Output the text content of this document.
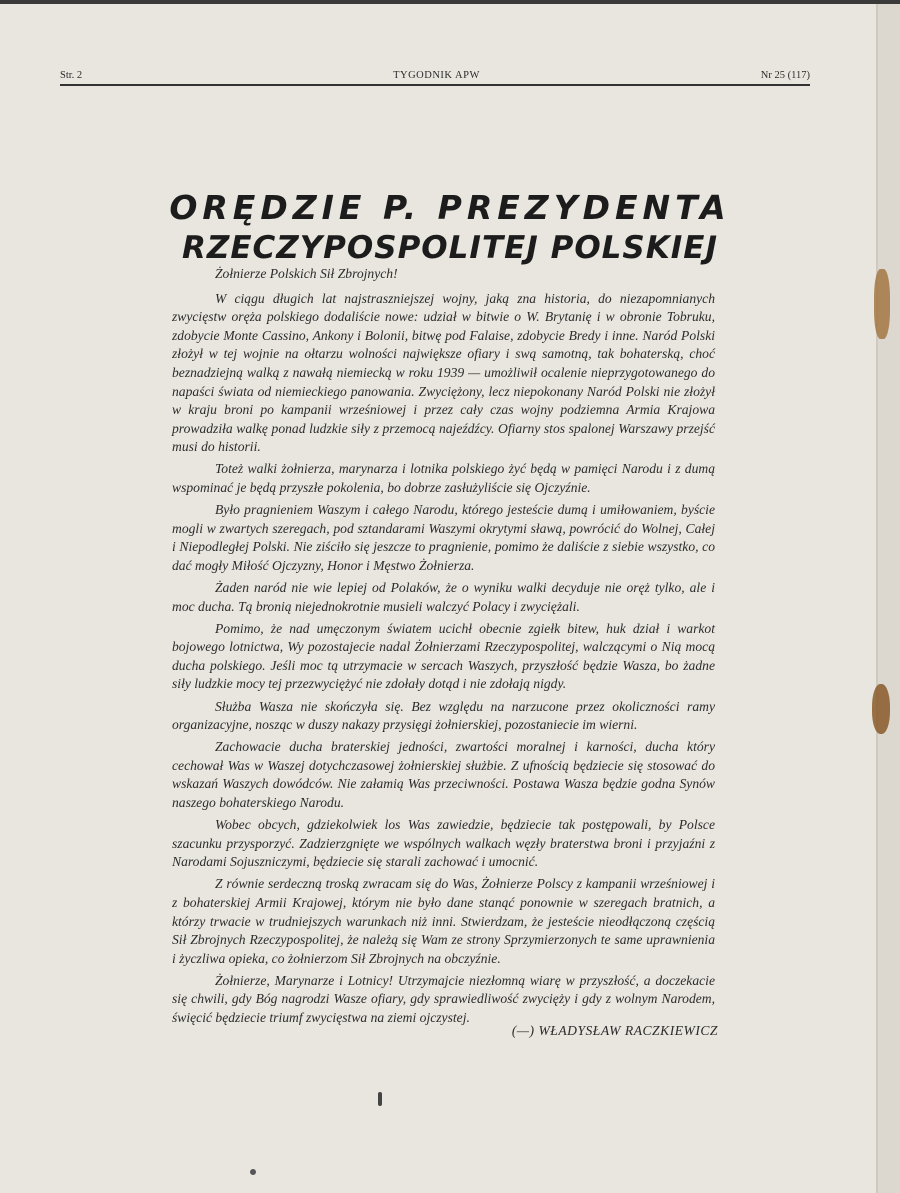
Str. 2	TYGODNIK APW	Nr 25 (117)
ORĘDZIE P. PREZYDENTA
RZECZYPOSPOLITEJ POLSKIEJ

Żołnierze Polskich Sił Zbrojnych!

W ciągu długich lat najstraszniejszej wojny, jaką zna historia, do niezapomnianych zwycięstw oręża polskiego dodaliście nowe: udział w bitwie o W. Brytanię i w obronie Tobruku, zdobycie Monte Cassino, Ankony i Bolonii, bitwę pod Falaise, zdobycie Bredy i inne. Naród Polski złożył w tej wojnie na ołtarzu wolności największe ofiary i swą samotną, tak bohaterską, choć beznadziejną walką z nawałą niemiecką w roku 1939 — umożliwił ocalenie nieprzygotowanego do napaści świata od niemieckiego panowania. Zwyciężony, lecz niepokonany Naród Polski nie złożył w kraju broni po kampanii wrześniowej i przez cały czas wojny podziemna Armia Krajowa prowadziła walkę ponad ludzkie siły z przemocą najeźdźcy. Ofiarny stos spalonej Warszawy przejść musi do historii.

Toteż walki żołnierza, marynarza i lotnika polskiego żyć będą w pamięci Narodu i z dumą wspominać je będą przyszłe pokolenia, bo dobrze zasłużyliście się Ojczyźnie.

Było pragnieniem Waszym i całego Narodu, którego jesteście dumą i umiłowaniem, byście mogli w zwartych szeregach, pod sztandarami Waszymi okrytymi sławą, powrócić do Wolnej, Całej i Niepodległej Polski. Nie ziściło się jeszcze to pragnienie, pomimo że daliście z siebie wszystko, co dać mogły Miłość Ojczyzny, Honor i Męstwo Żołnierza.

Żaden naród nie wie lepiej od Polaków, że o wyniku walki decyduje nie oręż tylko, ale i moc ducha. Tą bronią niejednokrotnie musieli walczyć Polacy i zwyciężali.

Pomimo, że nad umęczonym światem ucichł obecnie zgiełk bitew, huk dział i warkot bojowego lotnictwa, Wy pozostajecie nadal Żołnierzami Rzeczypospolitej, walczącymi o Nią mocą ducha polskiego. Jeśli moc tą utrzymacie w sercach Waszych, przyszłość będzie Wasza, bo żadne siły ludzkie mocy tej przezwyciężyć nie zdołały dotąd i nie zdołają nigdy.

Służba Wasza nie skończyła się. Bez względu na narzucone przez okoliczności ramy organizacyjne, nosząc w duszy nakazy przysięgi żołnierskiej, pozostaniecie im wierni.

Zachowacie ducha braterskiej jedności, zwartości moralnej i karności, ducha który cechował Was w Waszej dotychczasowej żołnierskiej służbie. Z ufnością będziecie się stosować do wskazań Waszych dowódców. Nie załamią Was przeciwności. Postawa Wasza będzie godna Synów naszego bohaterskiego Narodu.

Wobec obcych, gdziekolwiek los Was zawiedzie, będziecie tak postępowali, by Polsce szacunku przysporzyć. Zadzierzgnięte we wspólnych walkach węzły braterstwa broni i przyjaźni z Narodami Sojuszniczymi, będziecie się starali zachować i umocnić.

Z równie serdeczną troską zwracam się do Was, Żołnierze Polscy z kampanii wrześniowej i z bohaterskiej Armii Krajowej, którym nie było dane stanąć ponownie w szeregach bratnich, a którzy trwacie w trudniejszych warunkach niż inni. Stwierdzam, że jesteście nieodłączoną częścią Sił Zbrojnych Rzeczypospolitej, że należą się Wam ze strony Sprzymierzonych te same uprawnienia i życzliwa opieka, co żołnierzom Sił Zbrojnych na obczyźnie.

Żołnierze, Marynarze i Lotnicy! Utrzymajcie niezłomną wiarę w przyszłość, a doczekacie się chwili, gdy Bóg nagrodzi Wasze ofiary, gdy sprawiedliwość zwycięży i gdy z wolnym Narodem, święcić będziecie triumf zwycięstwa na ziemi ojczystej.

(—) WŁADYSŁAW RACZKIEWICZ
